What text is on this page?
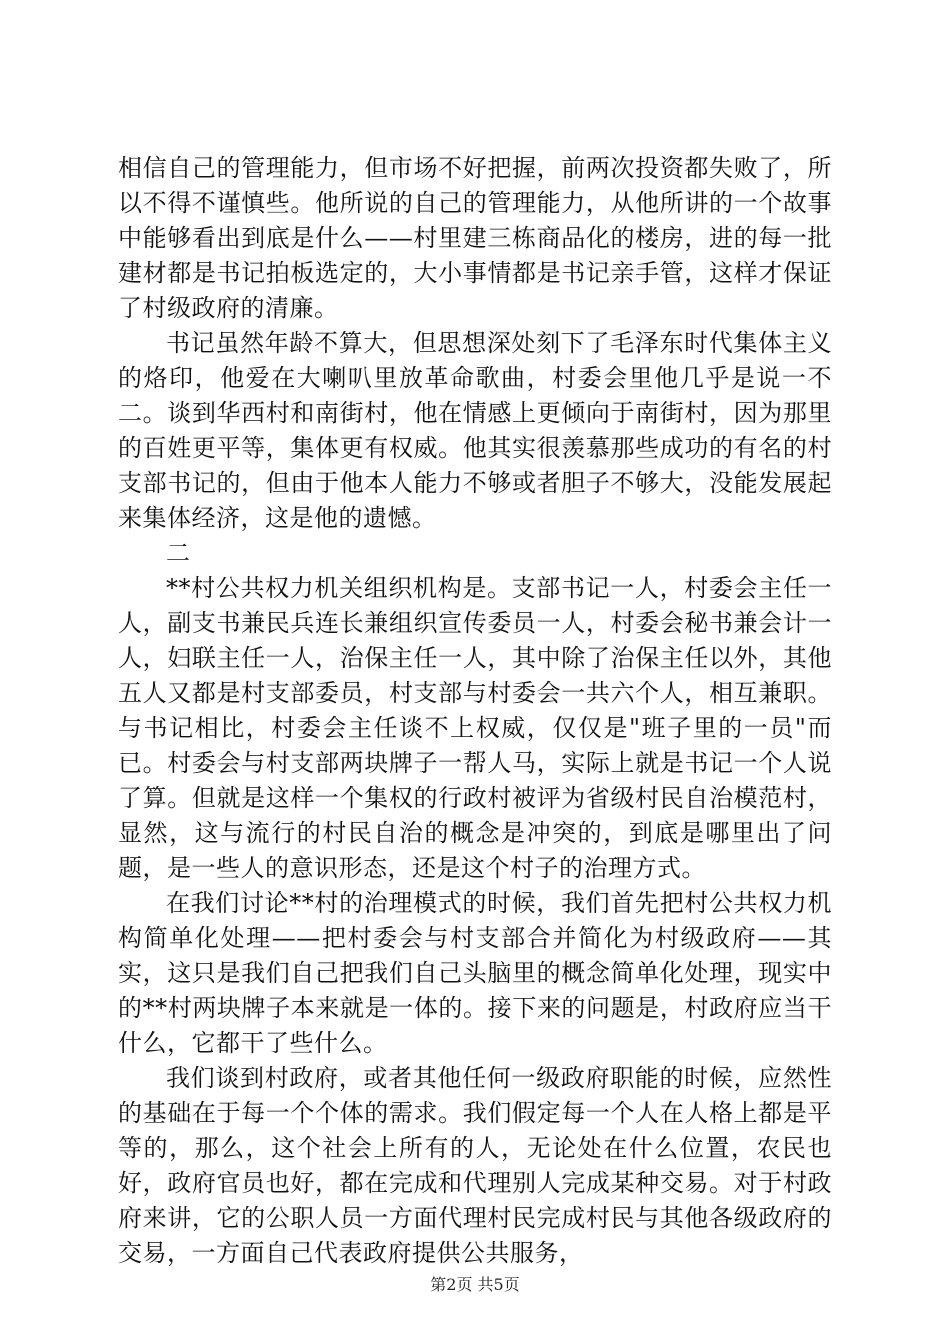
相信自己的管理能力，但市场不好把握，前两次投资都失败了，所以不得不谨慎些。他所说的自己的管理能力，从他所讲的一个故事中能够看出到底是什么——村里建三栋商品化的楼房，进的每一批建材都是书记拍板选定的，大小事情都是书记亲手管，这样才保证了村级政府的清廉。

书记虽然年龄不算大，但思想深处刻下了毛泽东时代集体主义的烙印，他爱在大喇叭里放革命歌曲，村委会里他几乎是说一不二。谈到华西村和南街村，他在情感上更倾向于南街村，因为那里的百姓更平等，集体更有权威。他其实很羡慕那些成功的有名的村支部书记的，但由于他本人能力不够或者胆子不够大，没能发展起来集体经济，这是他的遗憾。

二

**村公共权力机关组织机构是。支部书记一人，村委会主任一人，副支书兼民兵连长兼组织宣传委员一人，村委会秘书兼会计一人，妇联主任一人，治保主任一人，其中除了治保主任以外，其他五人又都是村支部委员，村支部与村委会一共六个人，相互兼职。与书记相比，村委会主任谈不上权威，仅仅是"班子里的一员"而已。村委会与村支部两块牌子一帮人马，实际上就是书记一个人说了算。但就是这样一个集权的行政村被评为省级村民自治模范村，显然，这与流行的村民自治的概念是冲突的，到底是哪里出了问题，是一些人的意识形态，还是这个村子的治理方式。

在我们讨论**村的治理模式的时候，我们首先把村公共权力机构简单化处理——把村委会与村支部合并简化为村级政府——其实，这只是我们自己把我们自己头脑里的概念简单化处理，现实中的**村两块牌子本来就是一体的。接下来的问题是，村政府应当干什么，它都干了些什么。

我们谈到村政府，或者其他任何一级政府职能的时候，应然性的基础在于每一个个体的需求。我们假定每一个人在人格上都是平等的，那么，这个社会上所有的人，无论处在什么位置，农民也好，政府官员也好，都在完成和代理别人完成某种交易。对于村政府来讲，它的公职人员一方面代理村民完成村民与其他各级政府的交易，一方面自己代表政府提供公共服务，

第2页 共5页
